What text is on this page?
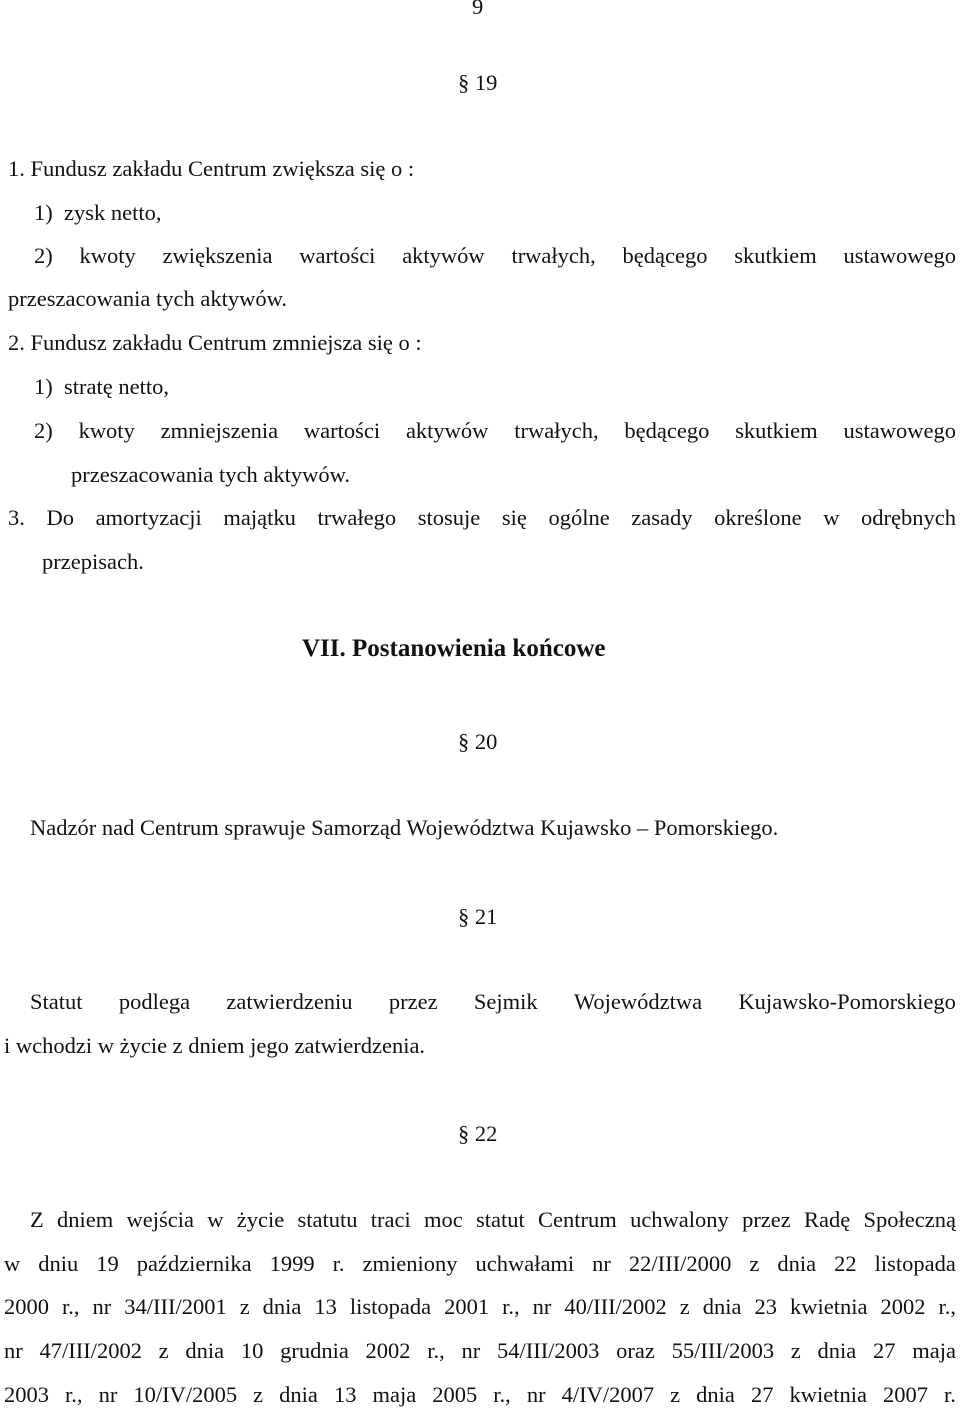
9
§ 19
1. Fundusz zakładu Centrum zwiększa się o :
1)  zysk netto,
2) kwoty zwiększenia wartości aktywów trwałych, będącego skutkiem ustawowego
przeszacowania tych aktywów.
2. Fundusz zakładu Centrum zmniejsza się o :
1)  stratę netto,
2) kwoty zmniejszenia wartości aktywów trwałych, będącego skutkiem ustawowego
przeszacowania tych aktywów.
3. Do amortyzacji majątku trwałego stosuje się ogólne zasady określone w odrębnych
przepisach.
VII. Postanowienia końcowe
§ 20
Nadzór nad Centrum sprawuje Samorząd Województwa Kujawsko – Pomorskiego.
§ 21
Statut podlega zatwierdzeniu przez Sejmik Województwa Kujawsko-Pomorskiego
i wchodzi w życie z dniem jego zatwierdzenia.
§ 22
Z dniem wejścia w życie statutu traci moc statut Centrum uchwalony przez Radę Społeczną
w dniu 19 października 1999 r. zmieniony uchwałami nr 22/III/2000 z dnia 22 listopada
2000 r., nr 34/III/2001 z dnia 13 listopada 2001 r., nr 40/III/2002 z dnia 23 kwietnia 2002 r.,
nr 47/III/2002 z dnia 10 grudnia 2002 r., nr 54/III/2003 oraz 55/III/2003 z dnia 27 maja
2003 r., nr 10/IV/2005 z dnia 13 maja 2005 r., nr 4/IV/2007 z dnia 27 kwietnia 2007 r.
